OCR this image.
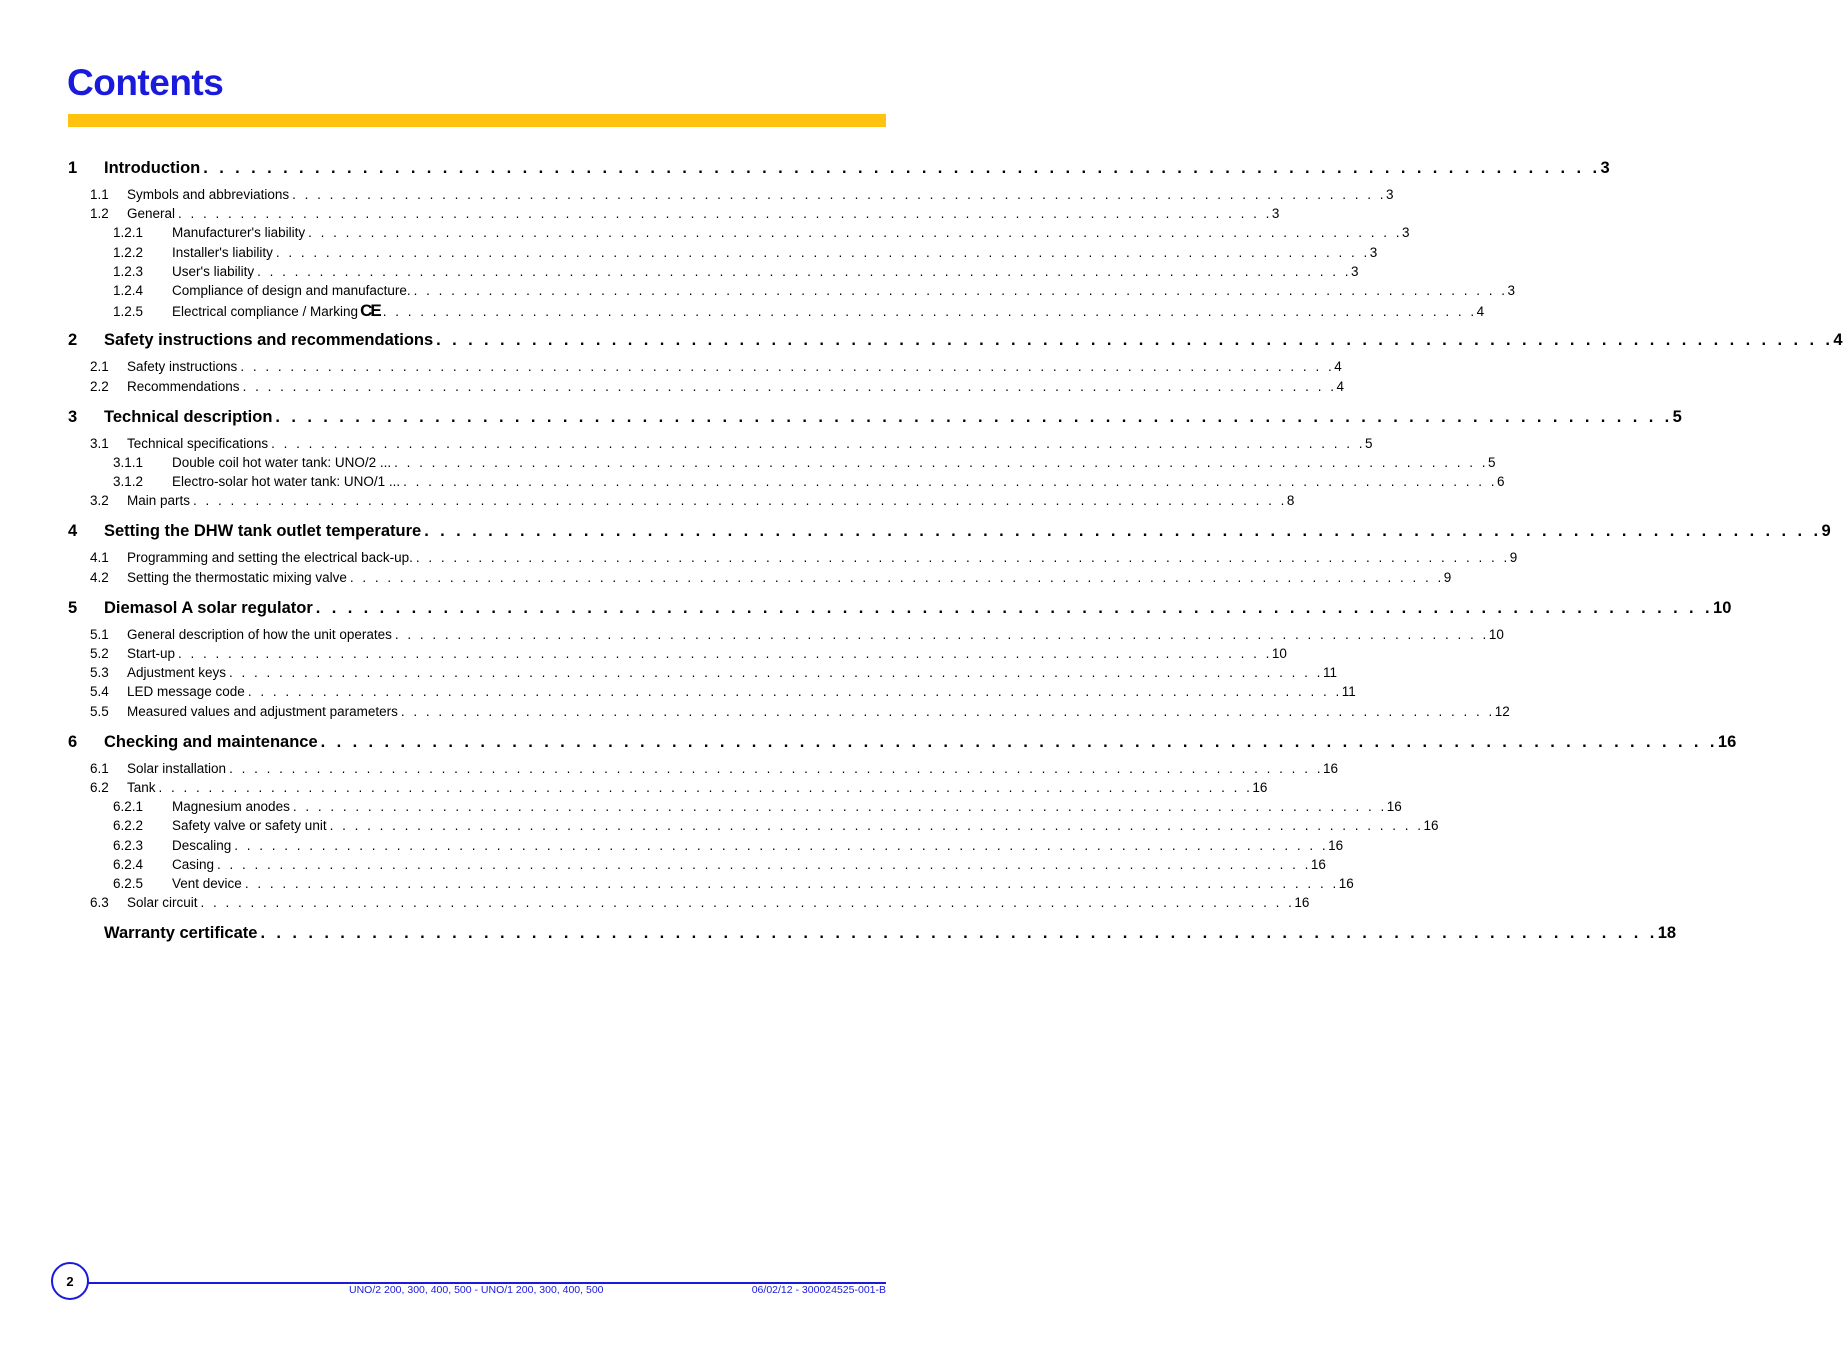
Contents
1	Introduction . . . . . . . . . . . . . . . . . . . . . . . . . . . . . . . . . . . . . . . . . . . . . . . . . . . . . . . . . . . . . . . . . . . . . . . . . . . . . . . . . . . . . . . . 3
1.1	Symbols and abbreviations . . . . . . . . . . . . . . . . . . . . . . . . . . . . . . . . . . . . . . . . . . . . . . . . . . . . . . . . . . . . . . . . . . . . . . . . . . . . . . . . . . . . . . . . 3
1.2	General . . . . . . . . . . . . . . . . . . . . . . . . . . . . . . . . . . . . . . . . . . . . . . . . . . . . . . . . . . . . . . . . . . . . . . . . . . . . . . . . . . . . . . . . 3
1.2.1	Manufacturer's liability . . . . . . . . . . . . . . . . . . . . . . . . . . . . . . . . . . . . . . . . . . . . . . . . . . . . . . . . . . . . . . . . . . . . . . . . . . . . . . . . . . . . . . . . 3
1.2.2	Installer's liability . . . . . . . . . . . . . . . . . . . . . . . . . . . . . . . . . . . . . . . . . . . . . . . . . . . . . . . . . . . . . . . . . . . . . . . . . . . . . . . . . . . . . . . . 3
1.2.3	User's liability . . . . . . . . . . . . . . . . . . . . . . . . . . . . . . . . . . . . . . . . . . . . . . . . . . . . . . . . . . . . . . . . . . . . . . . . . . . . . . . . . . . . . . . . 3
1.2.4	Compliance of design and manufacture. . . . . . . . . . . . . . . . . . . . . . . . . . . . . . . . . . . . . . . . . . . . . . . . . . . . . . . . . . . . . . . . . . . . . . . . . . . . . . . . . . . . . . . . . 3
1.2.5	Electrical compliance / Marking CE . . . . . . . . . . . . . . . . . . . . . . . . . . . . . . . . . . . . . . . . . . . . . . . . . . . . . . . . . . . . . . . . . . . . . . . . . . . . . . . . . . . . . . . . 4
2	Safety instructions and recommendations . . . . . . . . . . . . . . . . . . . . . . . . . . . . . . . . . . . . . . . . . . . . . . . . . . . . . . . . . . . . . . . . . . . . . . . . . . . . . . . . . . . . . . . . 4
2.1	Safety instructions . . . . . . . . . . . . . . . . . . . . . . . . . . . . . . . . . . . . . . . . . . . . . . . . . . . . . . . . . . . . . . . . . . . . . . . . . . . . . . . . . . . . . . . . 4
2.2	Recommendations . . . . . . . . . . . . . . . . . . . . . . . . . . . . . . . . . . . . . . . . . . . . . . . . . . . . . . . . . . . . . . . . . . . . . . . . . . . . . . . . . . . . . . . . 4
3	Technical description . . . . . . . . . . . . . . . . . . . . . . . . . . . . . . . . . . . . . . . . . . . . . . . . . . . . . . . . . . . . . . . . . . . . . . . . . . . . . . . . . . . . . . . . 5
3.1	Technical specifications . . . . . . . . . . . . . . . . . . . . . . . . . . . . . . . . . . . . . . . . . . . . . . . . . . . . . . . . . . . . . . . . . . . . . . . . . . . . . . . . . . . . . . . . 5
3.1.1	Double coil hot water tank: UNO/2 ... . . . . . . . . . . . . . . . . . . . . . . . . . . . . . . . . . . . . . . . . . . . . . . . . . . . . . . . . . . . . . . . . . . . . . . . . . . . . . . . . . . . . . . . . 5
3.1.2	Electro-solar hot water tank: UNO/1 ... . . . . . . . . . . . . . . . . . . . . . . . . . . . . . . . . . . . . . . . . . . . . . . . . . . . . . . . . . . . . . . . . . . . . . . . . . . . . . . . . . . . . . . . . 6
3.2	Main parts . . . . . . . . . . . . . . . . . . . . . . . . . . . . . . . . . . . . . . . . . . . . . . . . . . . . . . . . . . . . . . . . . . . . . . . . . . . . . . . . . . . . . . . . 8
4	Setting the DHW tank outlet temperature . . . . . . . . . . . . . . . . . . . . . . . . . . . . . . . . . . . . . . . . . . . . . . . . . . . . . . . . . . . . . . . . . . . . . . . . . . . . . . . . . . . . . . . . 9
4.1	Programming and setting the electrical back-up. . . . . . . . . . . . . . . . . . . . . . . . . . . . . . . . . . . . . . . . . . . . . . . . . . . . . . . . . . . . . . . . . . . . . . . . . . . . . . . . . . . . . . . . . 9
4.2	Setting the thermostatic mixing valve . . . . . . . . . . . . . . . . . . . . . . . . . . . . . . . . . . . . . . . . . . . . . . . . . . . . . . . . . . . . . . . . . . . . . . . . . . . . . . . . . . . . . . . . 9
5	Diemasol A solar regulator . . . . . . . . . . . . . . . . . . . . . . . . . . . . . . . . . . . . . . . . . . . . . . . . . . . . . . . . . . . . . . . . . . . . . . . . . . . . . . . . . . . . . . . . 10
5.1	General description of how the unit operates . . . . . . . . . . . . . . . . . . . . . . . . . . . . . . . . . . . . . . . . . . . . . . . . . . . . . . . . . . . . . . . . . . . . . . . . . . . . . . . . . . . . . . . . 10
5.2	Start-up . . . . . . . . . . . . . . . . . . . . . . . . . . . . . . . . . . . . . . . . . . . . . . . . . . . . . . . . . . . . . . . . . . . . . . . . . . . . . . . . . . . . . . . . 10
5.3	Adjustment keys . . . . . . . . . . . . . . . . . . . . . . . . . . . . . . . . . . . . . . . . . . . . . . . . . . . . . . . . . . . . . . . . . . . . . . . . . . . . . . . . . . . . . . . . 11
5.4	LED message code . . . . . . . . . . . . . . . . . . . . . . . . . . . . . . . . . . . . . . . . . . . . . . . . . . . . . . . . . . . . . . . . . . . . . . . . . . . . . . . . . . . . . . . . 11
5.5	Measured values and adjustment parameters . . . . . . . . . . . . . . . . . . . . . . . . . . . . . . . . . . . . . . . . . . . . . . . . . . . . . . . . . . . . . . . . . . . . . . . . . . . . . . . . . . . . . . . . 12
6	Checking and maintenance . . . . . . . . . . . . . . . . . . . . . . . . . . . . . . . . . . . . . . . . . . . . . . . . . . . . . . . . . . . . . . . . . . . . . . . . . . . . . . . . . . . . . . . . 16
6.1	Solar installation . . . . . . . . . . . . . . . . . . . . . . . . . . . . . . . . . . . . . . . . . . . . . . . . . . . . . . . . . . . . . . . . . . . . . . . . . . . . . . . . . . . . . . . . 16
6.2	Tank . . . . . . . . . . . . . . . . . . . . . . . . . . . . . . . . . . . . . . . . . . . . . . . . . . . . . . . . . . . . . . . . . . . . . . . . . . . . . . . . . . . . . . . . 16
6.2.1	Magnesium anodes . . . . . . . . . . . . . . . . . . . . . . . . . . . . . . . . . . . . . . . . . . . . . . . . . . . . . . . . . . . . . . . . . . . . . . . . . . . . . . . . . . . . . . . . 16
6.2.2	Safety valve or safety unit . . . . . . . . . . . . . . . . . . . . . . . . . . . . . . . . . . . . . . . . . . . . . . . . . . . . . . . . . . . . . . . . . . . . . . . . . . . . . . . . . . . . . . . . 16
6.2.3	Descaling . . . . . . . . . . . . . . . . . . . . . . . . . . . . . . . . . . . . . . . . . . . . . . . . . . . . . . . . . . . . . . . . . . . . . . . . . . . . . . . . . . . . . . . . 16
6.2.4	Casing . . . . . . . . . . . . . . . . . . . . . . . . . . . . . . . . . . . . . . . . . . . . . . . . . . . . . . . . . . . . . . . . . . . . . . . . . . . . . . . . . . . . . . . . 16
6.2.5	Vent device . . . . . . . . . . . . . . . . . . . . . . . . . . . . . . . . . . . . . . . . . . . . . . . . . . . . . . . . . . . . . . . . . . . . . . . . . . . . . . . . . . . . . . . . 16
6.3	Solar circuit . . . . . . . . . . . . . . . . . . . . . . . . . . . . . . . . . . . . . . . . . . . . . . . . . . . . . . . . . . . . . . . . . . . . . . . . . . . . . . . . . . . . . . . . 16
Warranty certificate . . . . . . . . . . . . . . . . . . . . . . . . . . . . . . . . . . . . . . . . . . . . . . . . . . . . . . . . . . . . . . . . . . . . . . . . . . . . . . . . . . . . . . . . 18
2
UNO/2 200, 300, 400, 500 - UNO/1 200, 300, 400, 500	06/02/12 - 300024525-001-B
